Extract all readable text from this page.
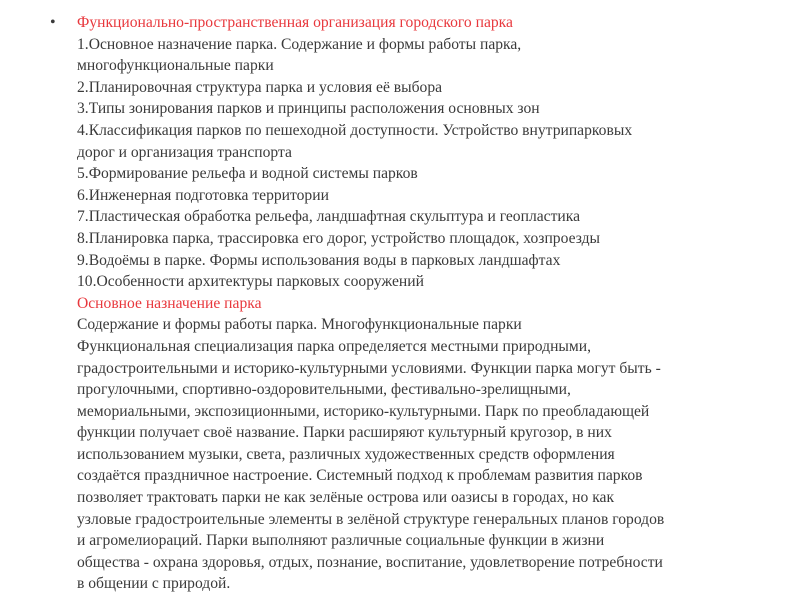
• Функционально-пространственная организация городского парка
1.Основное назначение парка. Содержание и формы работы парка,
многофункциональные парки
2.Планировочная структура парка и условия её выбора
3.Типы зонирования парков и принципы расположения основных зон
4.Классификация парков по пешеходной доступности. Устройство внутрипарковых
дорог и организация транспорта
5.Формирование рельефа и водной системы парков
6.Инженерная подготовка территории
7.Пластическая обработка рельефа, ландшафтная скульптура и геопластика
8.Планировка парка, трассировка его дорог, устройство площадок, хозпроезды
9.Водоёмы в парке. Формы использования воды в парковых ландшафтах
10.Особенности архитектуры парковых сооружений
Основное назначение парка
Содержание и формы работы парка. Многофункциональные парки
Функциональная специализация парка определяется местными природными,
градостроительными и историко-культурными условиями. Функции парка могут быть -
прогулочными, спортивно-оздоровительными, фестивально-зрелищными,
мемориальными, экспозиционными, историко-культурными. Парк по преобладающей
функции получает своё название. Парки расширяют культурный кругозор, в них
использованием музыки, света, различных художественных средств оформления
создаётся праздничное настроение. Системный подход к проблемам развития парков
позволяет трактовать парки не как зелёные острова или оазисы в городах, но как
узловые градостроительные элементы в зелёной структуре генеральных планов городов
и агромелиораций. Парки выполняют различные социальные функции в жизни
общества - охрана здоровья, отдых, познание, воспитание, удовлетворение потребности
в общении с природой.
